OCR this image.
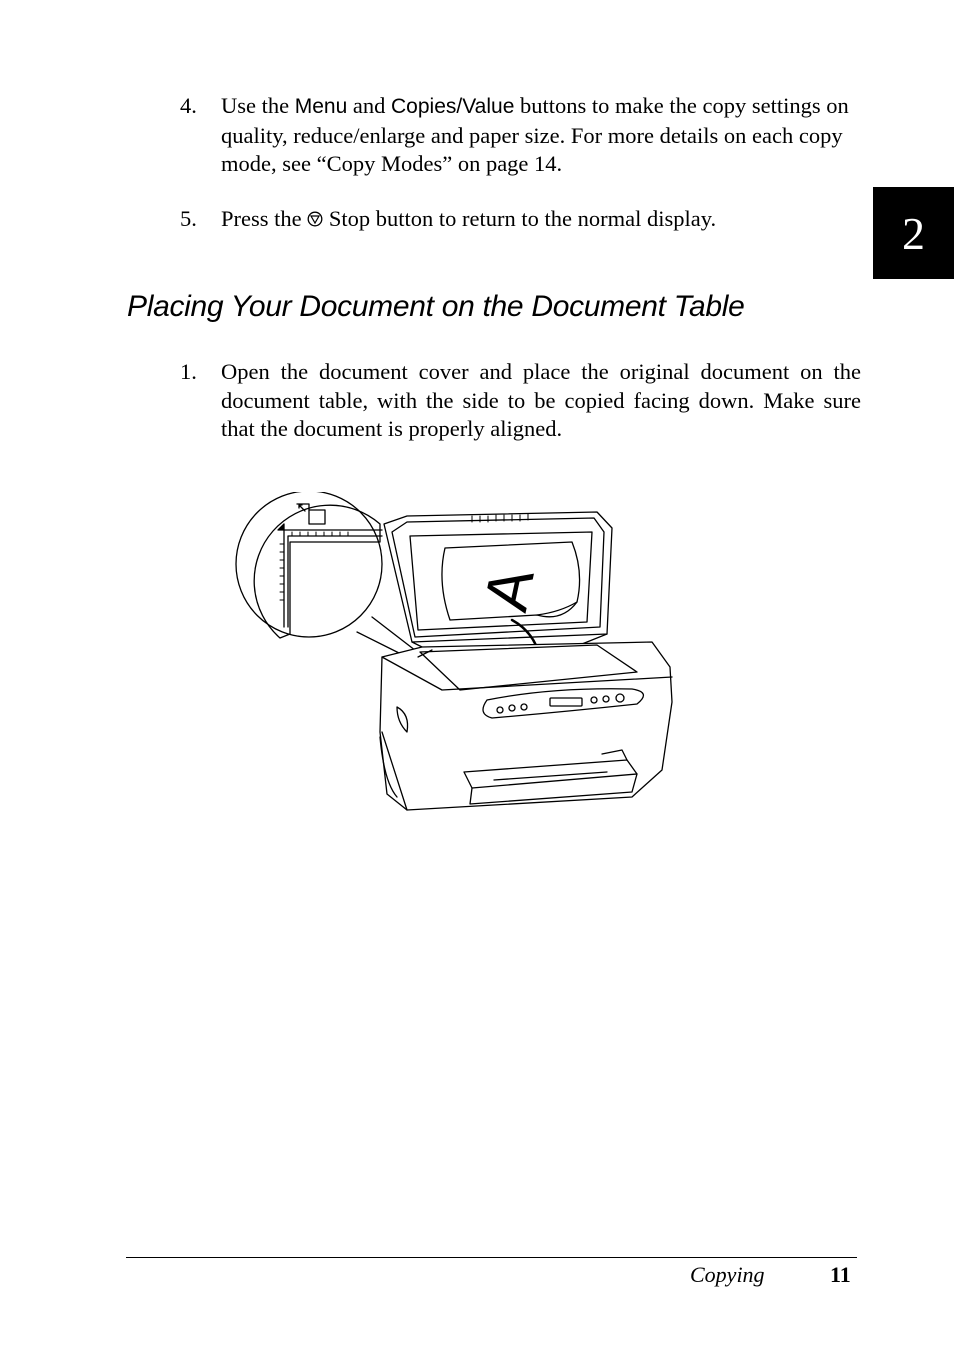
2
4. Use the Menu and Copies/Value buttons to make the copy settings on quality, reduce/enlarge and paper size. For more details on each copy mode, see “Copy Modes” on page 14.
5. Press the  Stop button to return to the normal display.
Placing Your Document on the Document Table
1. Open the document cover and place the original document on the document table, with the side to be copied facing down. Make sure that the document is properly aligned.
A
Copying	11
